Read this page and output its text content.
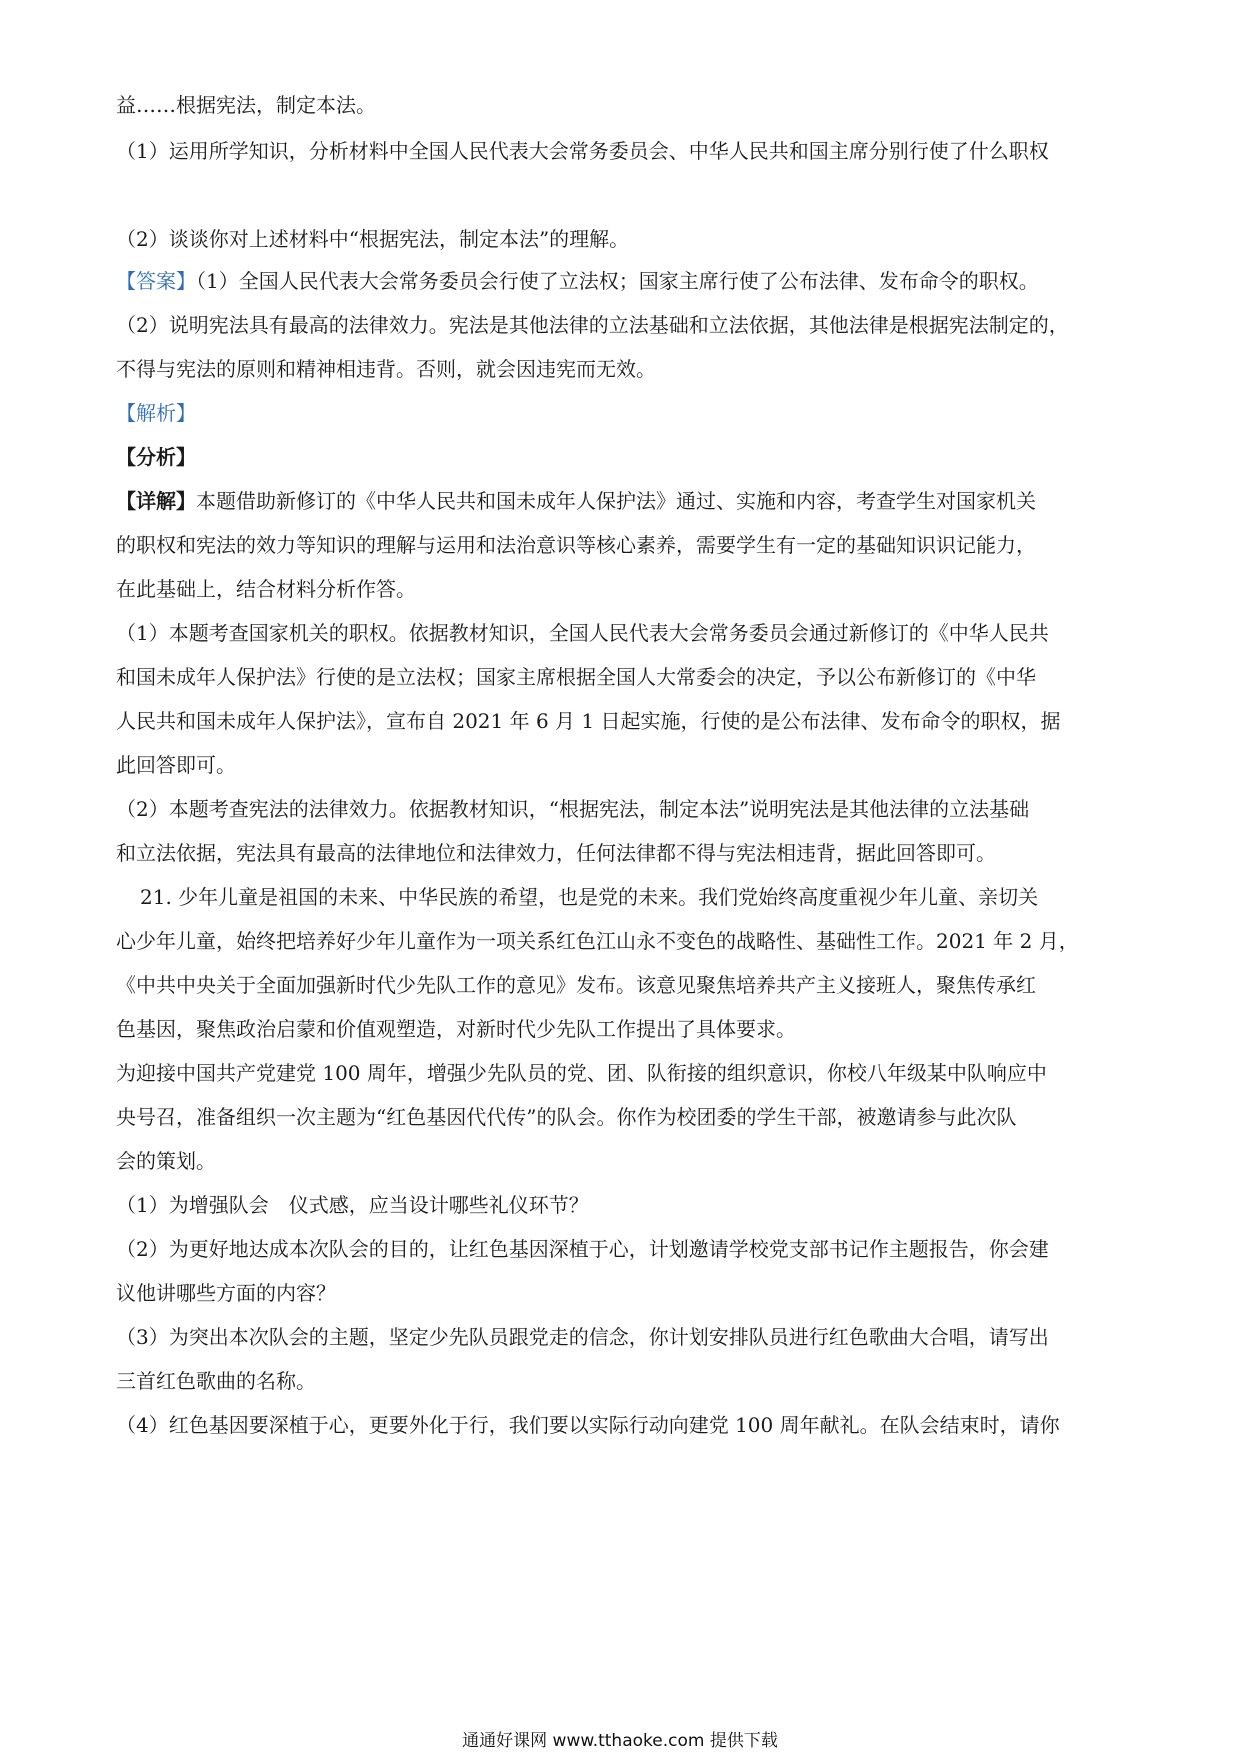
益……根据宪法，制定本法。
（1）运用所学知识，分析材料中全国人民代表大会常务委员会、中华人民共和国主席分别行使了什么职权
（2）谈谈你对上述材料中“根据宪法，制定本法”的理解。
【答案】（1）全国人民代表大会常务委员会行使了立法权；国家主席行使了公布法律、发布命令的职权。
（2）说明宪法具有最高的法律效力。宪法是其他法律的立法基础和立法依据，其他法律是根据宪法制定的，
不得与宪法的原则和精神相违背。否则，就会因违宪而无效。
【解析】
【分析】
【详解】本题借助新修订的《中华人民共和国未成年人保护法》通过、实施和内容，考查学生对国家机关
的职权和宪法的效力等知识的理解与运用和法治意识等核心素养，需要学生有一定的基础知识识记能力，
在此基础上，结合材料分析作答。
（1）本题考查国家机关的职权。依据教材知识，全国人民代表大会常务委员会通过新修订的《中华人民共
和国未成年人保护法》行使的是立法权；国家主席根据全国人大常委会的决定，予以公布新修订的《中华
人民共和国未成年人保护法》，宣布自 2021 年 6 月 1 日起实施，行使的是公布法律、发布命令的职权，据
此回答即可。
（2）本题考查宪法的法律效力。依据教材知识，“根据宪法，制定本法”说明宪法是其他法律的立法基础
和立法依据，宪法具有最高的法律地位和法律效力，任何法律都不得与宪法相违背，据此回答即可。
21. 少年儿童是祖国的未来、中华民族的希望，也是党的未来。我们党始终高度重视少年儿童、亲切关
心少年儿童，始终把培养好少年儿童作为一项关系红色江山永不变色的战略性、基础性工作。2021 年 2 月，
《中共中央关于全面加强新时代少先队工作的意见》发布。该意见聚焦培养共产主义接班人，聚焦传承红
色基因，聚焦政治启蒙和价值观塑造，对新时代少先队工作提出了具体要求。
为迎接中国共产党建党 100 周年，增强少先队员的党、团、队衔接的组织意识，你校八年级某中队响应中
央号召，准备组织一次主题为“红色基因代代传”的队会。你作为校团委的学生干部，被邀请参与此次队
会的策划。
（1）为增强队会　仪式感，应当设计哪些礼仪环节？
（2）为更好地达成本次队会的目的，让红色基因深植于心，计划邀请学校党支部书记作主题报告，你会建
议他讲哪些方面的内容？
（3）为突出本次队会的主题，坚定少先队员跟党走的信念，你计划安排队员进行红色歌曲大合唱，请写出
三首红色歌曲的名称。
（4）红色基因要深植于心，更要外化于行，我们要以实际行动向建党 100 周年献礼。在队会结束时，请你
通通好课网 www.tthaoke.com 提供下载
